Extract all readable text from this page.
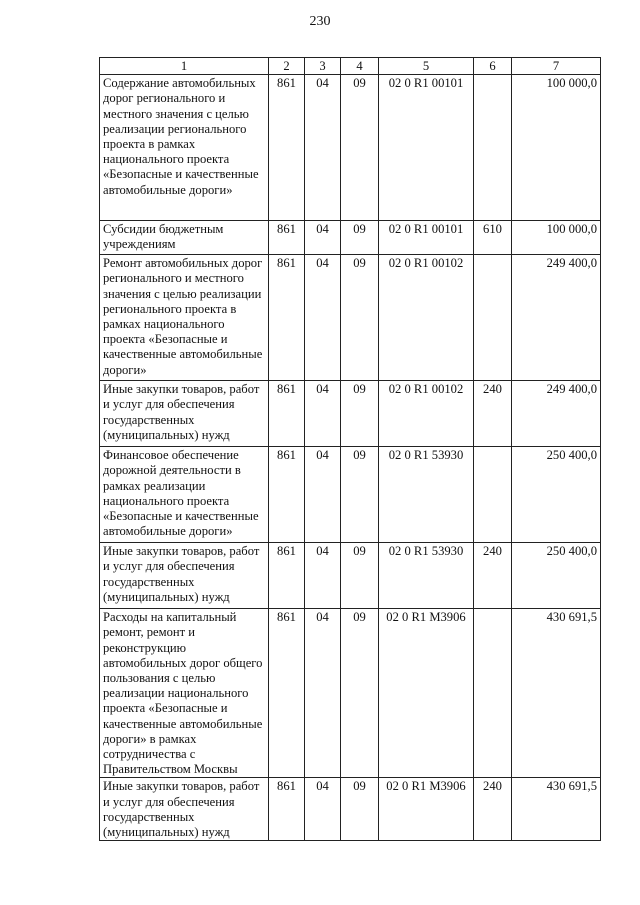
230
1	2	3	4	5	6	7
Содержание автомобильных дорог регионального и местного значения с целью реализации регионального проекта в рамках национального проекта «Безопасные и качественные автомобильные дороги»	861	04	09	02 0 R1 00101		100 000,0
Субсидии бюджетным учреждениям	861	04	09	02 0 R1 00101	610	100 000,0
Ремонт автомобильных дорог регионального и местного значения с целью реализации регионального проекта в рамках национального проекта «Безопасные и качественные автомобильные дороги»	861	04	09	02 0 R1 00102		249 400,0
Иные закупки товаров, работ и услуг для обеспечения государственных (муниципальных) нужд	861	04	09	02 0 R1 00102	240	249 400,0
Финансовое обеспечение дорожной деятельности в рамках реализации национального проекта «Безопасные и качественные автомобильные дороги»	861	04	09	02 0 R1 53930		250 400,0
Иные закупки товаров, работ и услуг для обеспечения государственных (муниципальных) нужд	861	04	09	02 0 R1 53930	240	250 400,0
Расходы на капитальный ремонт, ремонт и реконструкцию автомобильных дорог общего пользования с целью реализации национального проекта «Безопасные и качественные автомобильные дороги» в рамках сотрудничества с Правительством Москвы	861	04	09	02 0 R1 M3906		430 691,5
Иные закупки товаров, работ и услуг для обеспечения государственных (муниципальных) нужд	861	04	09	02 0 R1 M3906	240	430 691,5
